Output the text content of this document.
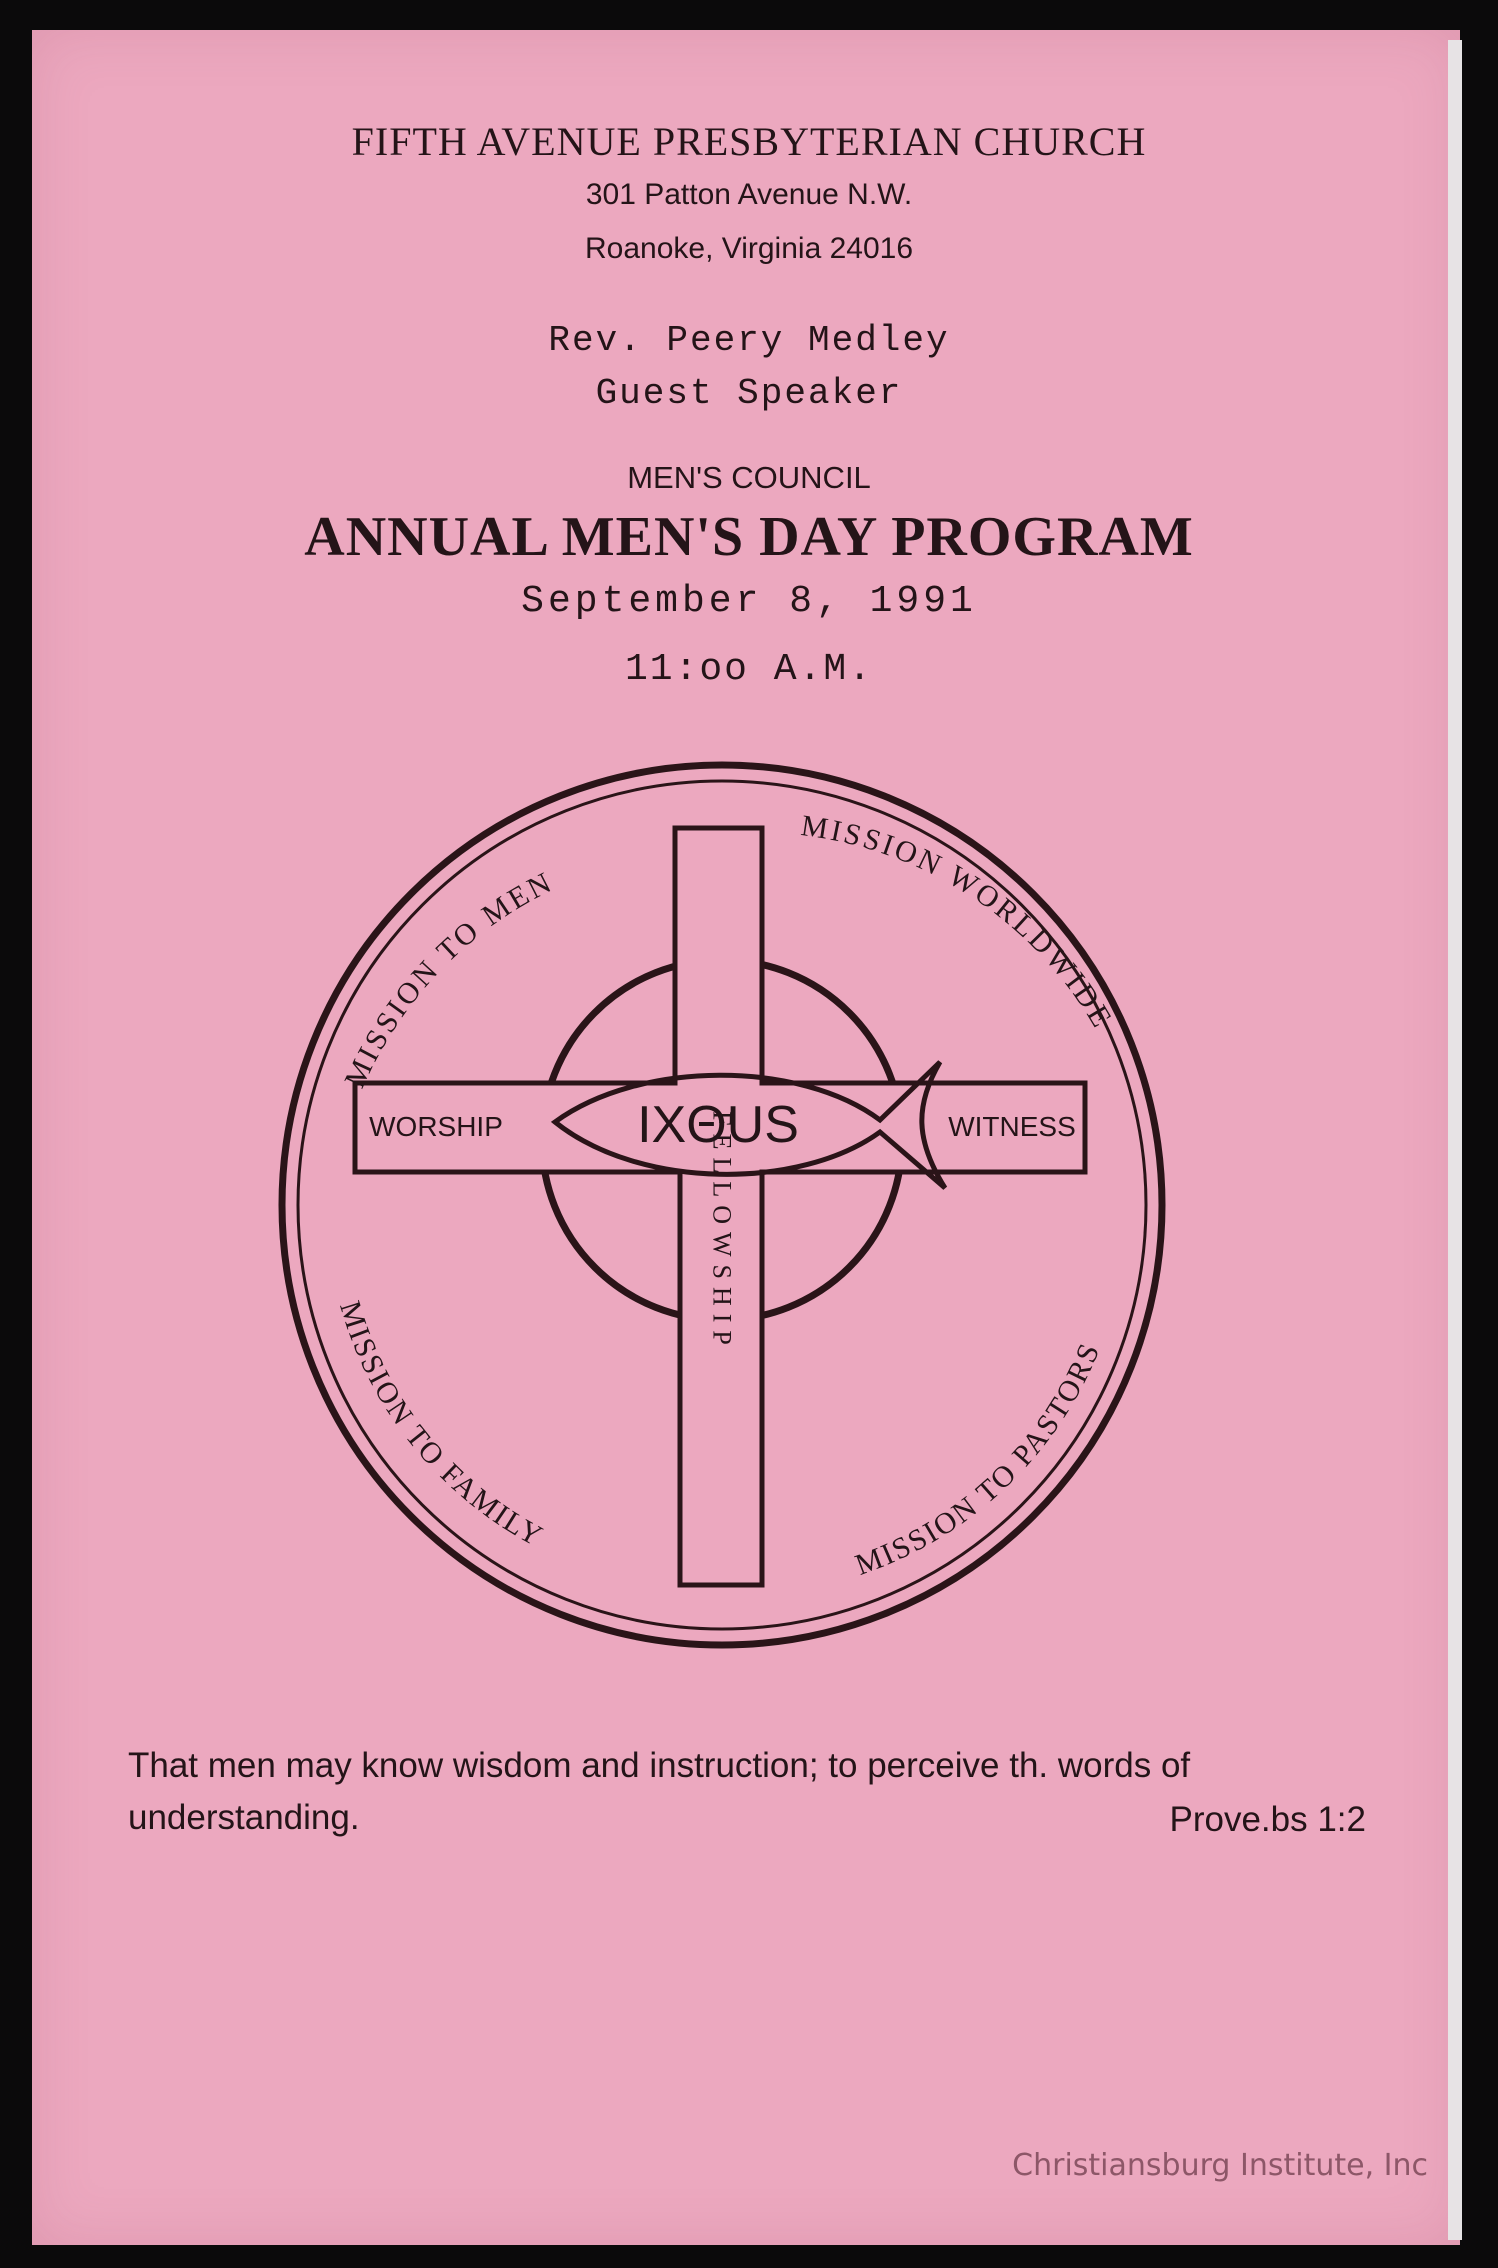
FIFTH AVENUE PRESBYTERIAN CHURCH
301 Patton Avenue N.W.
Roanoke, Virginia 24016
Rev. Peery Medley
Guest Speaker
MEN'S COUNCIL
ANNUAL MEN'S DAY PROGRAM
September 8, 1991
11:oo A.M.
MISSION TO MEN
MISSION WORLDWIDE
MISSION TO FAMILY
MISSION TO PASTORS
WORSHIP	WITNESS
IXΘUS
FELLOWSHIP
That men may know wisdom and instruction; to perceive th. words of understanding.	Prove.bs 1:2
Christiansburg Institute, Inc
